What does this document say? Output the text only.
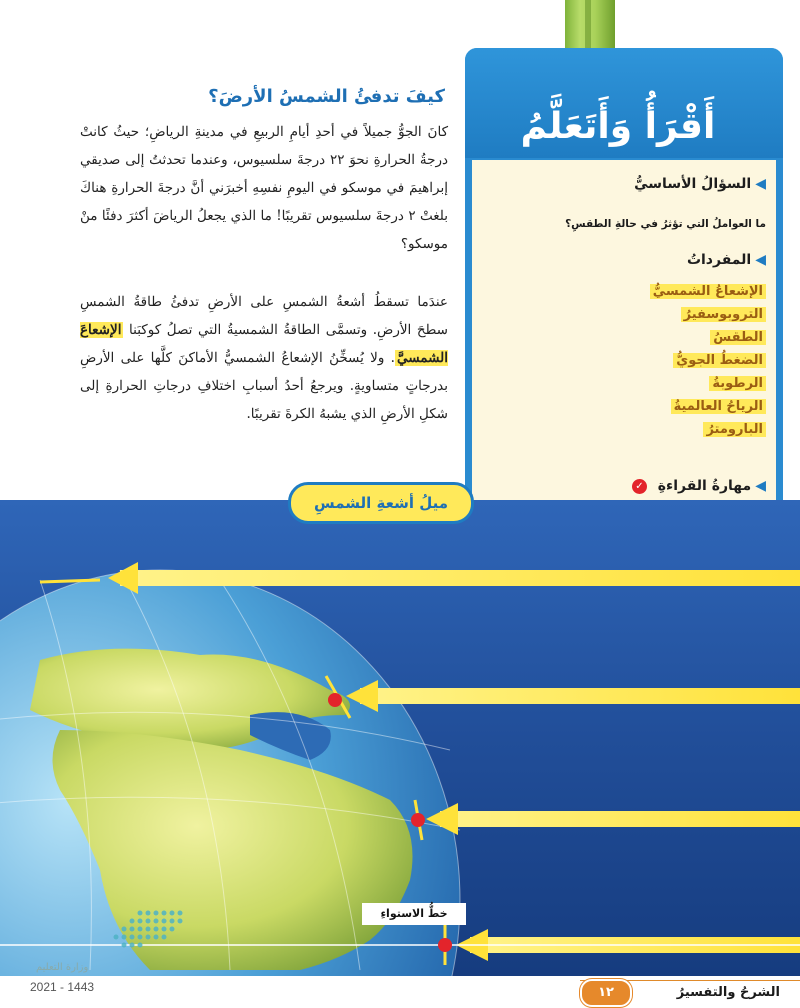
أَقْرَأُ وَأَتَعَلَّمُ
◀السؤالُ الأساسيُّ
ما العواملُ التي تؤثرُ في حالةِ الطقسِ؟
◀المفرداتُ
الإشعاعُ الشمسيُّ
التروبوسفيرُ
الطقسُ
الضغطُ الجويُّ
الرطوبةُ
الرياحُ العالميةُ
البارومترُ
◀مهارةُ القراءةِ ✓
كيفَ تدفئُ الشمسُ الأرضَ؟
كانَ الجوُّ جميلاً في أحدِ أيامِ الربيعِ في مدينةِ الرياضِ؛ حيثُ كانتْ درجةُ الحرارةِ نحوَ ٢٢ درجةَ سلسيوس، وعندما تحدثتُ إلى صديقي إبراهيمَ في موسكو في اليومِ نفسِهِ أخبرَني أنَّ درجةَ الحرارةِ هناكَ بلغتْ ٢ درجةَ سلسيوس تقريبًا! ما الذي يجعلُ الرياضَ أكثرَ دفئًا منْ موسكو؟
عندَما تسقطُ أشعةُ الشمسِ على الأرضِ تدفئُ طاقةُ الشمسِ سطحَ الأرضِ. وتسمَّى الطاقةُ الشمسيةُ التي تصلُ كوكبَنا الإشعاعَ الشمسيَّ. ولا يُسخِّنُ الإشعاعُ الشمسيُّ الأماكنَ كلَّها على الأرضِ بدرجاتٍ متساويةٍ. ويرجعُ أحدُ أسبابِ اختلافِ درجاتِ الحرارةِ إلى شكلِ الأرضِ الذي يشبهُ الكرةَ تقريبًا.
ميلُ أشعةِ الشمسِ
خطُّ الاستواءِ
وزارة التعليم
2021 - 1443	الشرحُ والتفسيرُ
١٢
